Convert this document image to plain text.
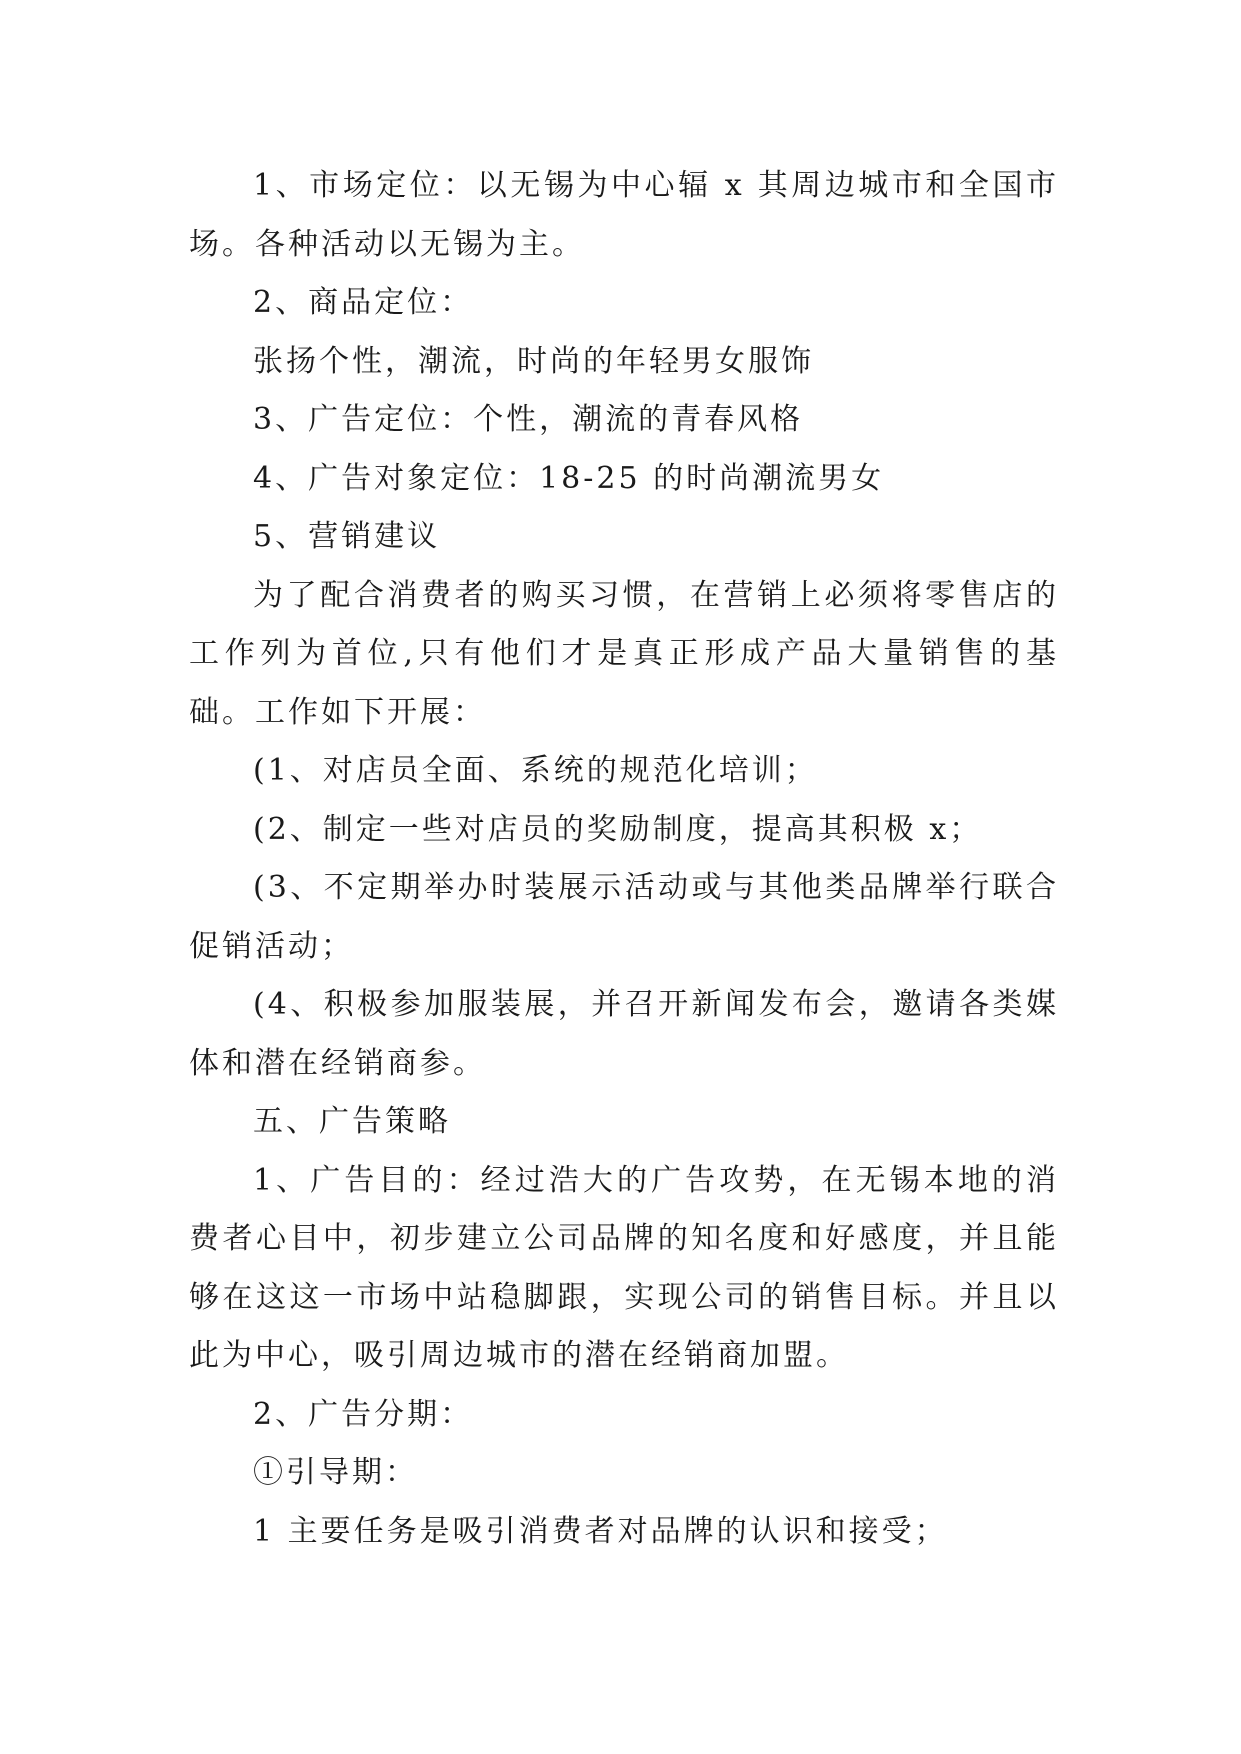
1、市场定位：以无锡为中心辐 x 其周边城市和全国市场。各种活动以无锡为主。

2、商品定位：

张扬个性，潮流，时尚的年轻男女服饰

3、广告定位：个性，潮流的青春风格

4、广告对象定位：18-25 的时尚潮流男女

5、营销建议

为了配合消费者的购买习惯，在营销上必须将零售店的工作列为首位,只有他们才是真正形成产品大量销售的基础。工作如下开展：

(1、对店员全面、系统的规范化培训；

(2、制定一些对店员的奖励制度，提高其积极 x；

(3、不定期举办时装展示活动或与其他类品牌举行联合促销活动；

(4、积极参加服装展，并召开新闻发布会，邀请各类媒体和潜在经销商参。

五、广告策略

1、广告目的：经过浩大的广告攻势，在无锡本地的消费者心目中，初步建立公司品牌的知名度和好感度，并且能够在这这一市场中站稳脚跟，实现公司的销售目标。并且以此为中心，吸引周边城市的潜在经销商加盟。

2、广告分期：

①引导期：

1 主要任务是吸引消费者对品牌的认识和接受；
